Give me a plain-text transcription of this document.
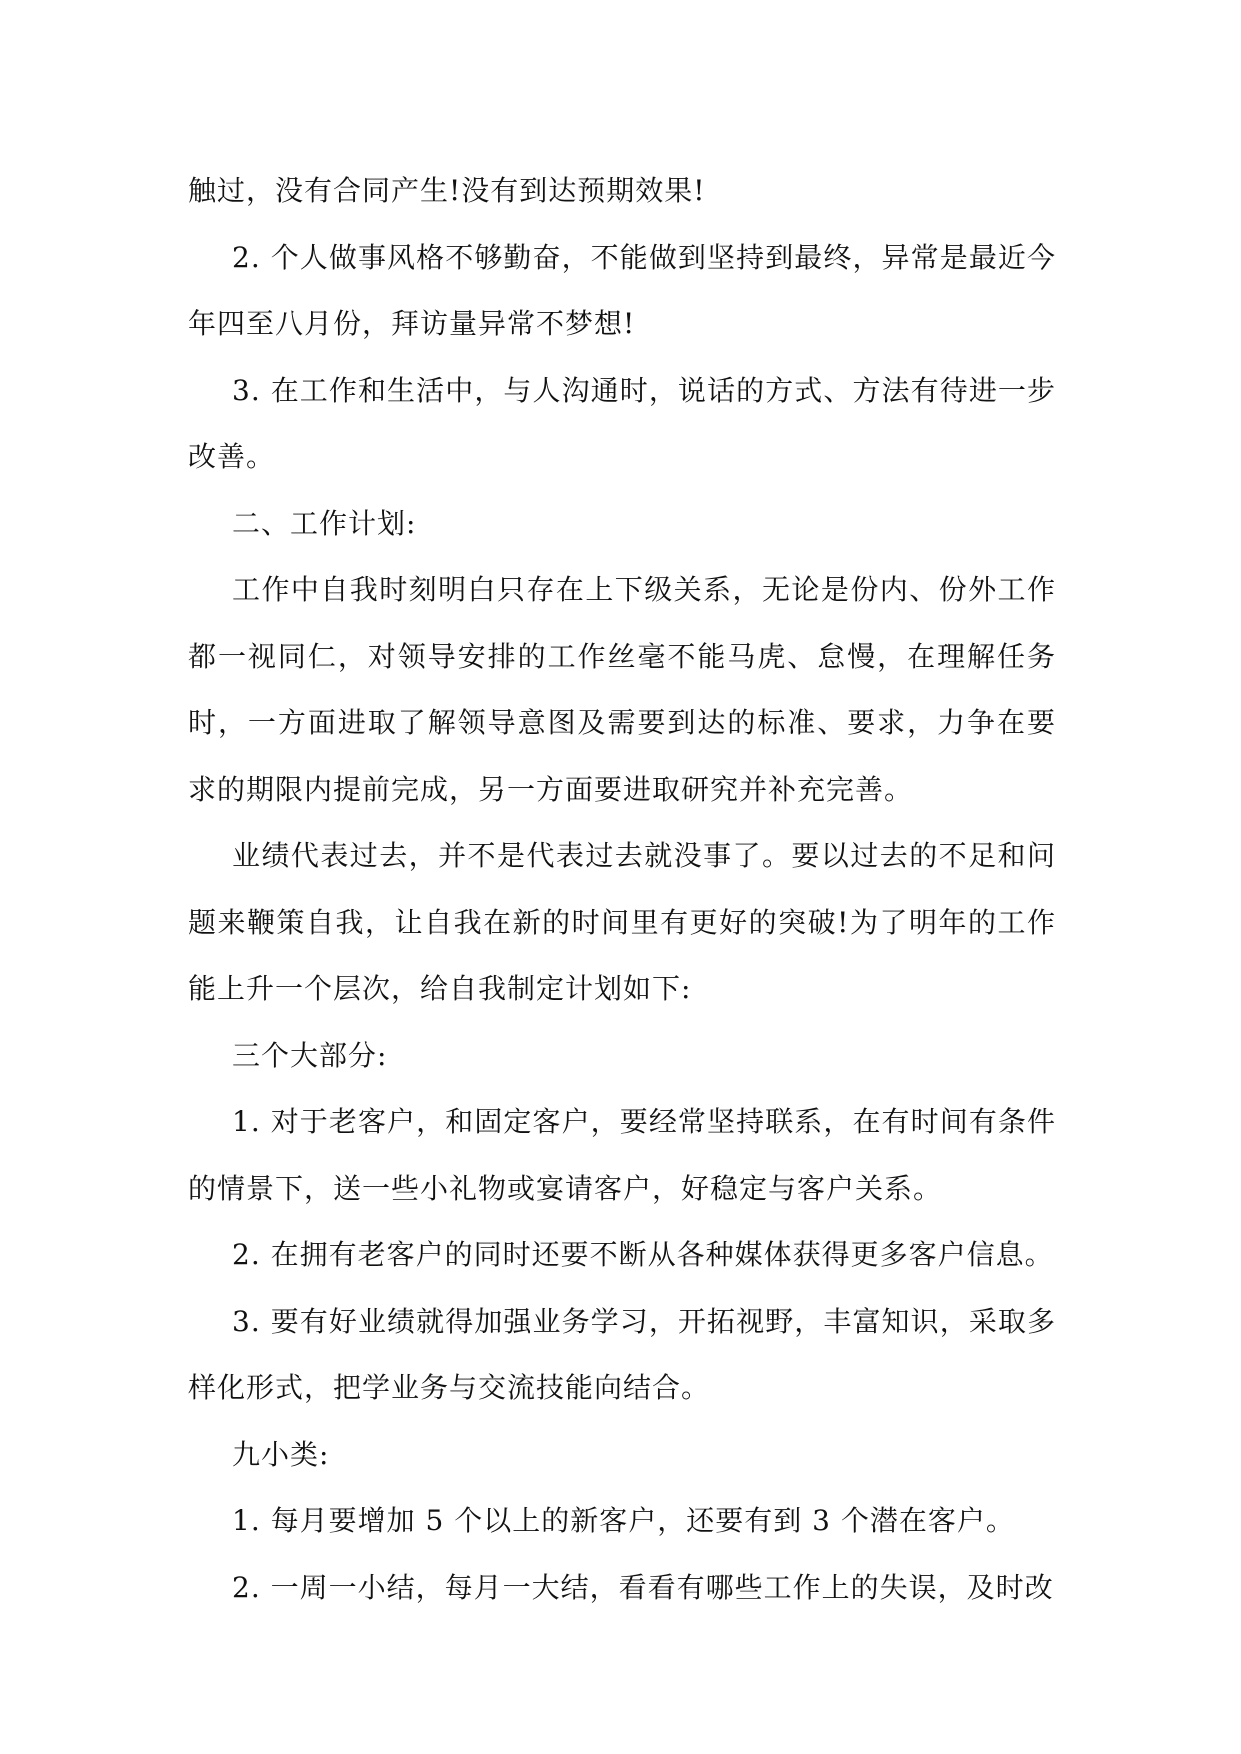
触过，没有合同产生!没有到达预期效果!

2. 个人做事风格不够勤奋，不能做到坚持到最终，异常是最近今年四至八月份，拜访量异常不梦想!

3. 在工作和生活中，与人沟通时，说话的方式、方法有待进一步改善。

二、工作计划:

工作中自我时刻明白只存在上下级关系，无论是份内、份外工作都一视同仁，对领导安排的工作丝毫不能马虎、怠慢，在理解任务时，一方面进取了解领导意图及需要到达的标准、要求，力争在要求的期限内提前完成，另一方面要进取研究并补充完善。

业绩代表过去，并不是代表过去就没事了。要以过去的不足和问题来鞭策自我，让自我在新的时间里有更好的突破!为了明年的工作能上升一个层次，给自我制定计划如下:

三个大部分:

1. 对于老客户，和固定客户，要经常坚持联系，在有时间有条件的情景下，送一些小礼物或宴请客户，好稳定与客户关系。

2. 在拥有老客户的同时还要不断从各种媒体获得更多客户信息。

3. 要有好业绩就得加强业务学习，开拓视野，丰富知识，采取多样化形式，把学业务与交流技能向结合。

九小类:

1. 每月要增加 5 个以上的新客户，还要有到 3 个潜在客户。

2. 一周一小结，每月一大结，看看有哪些工作上的失误，及时改
